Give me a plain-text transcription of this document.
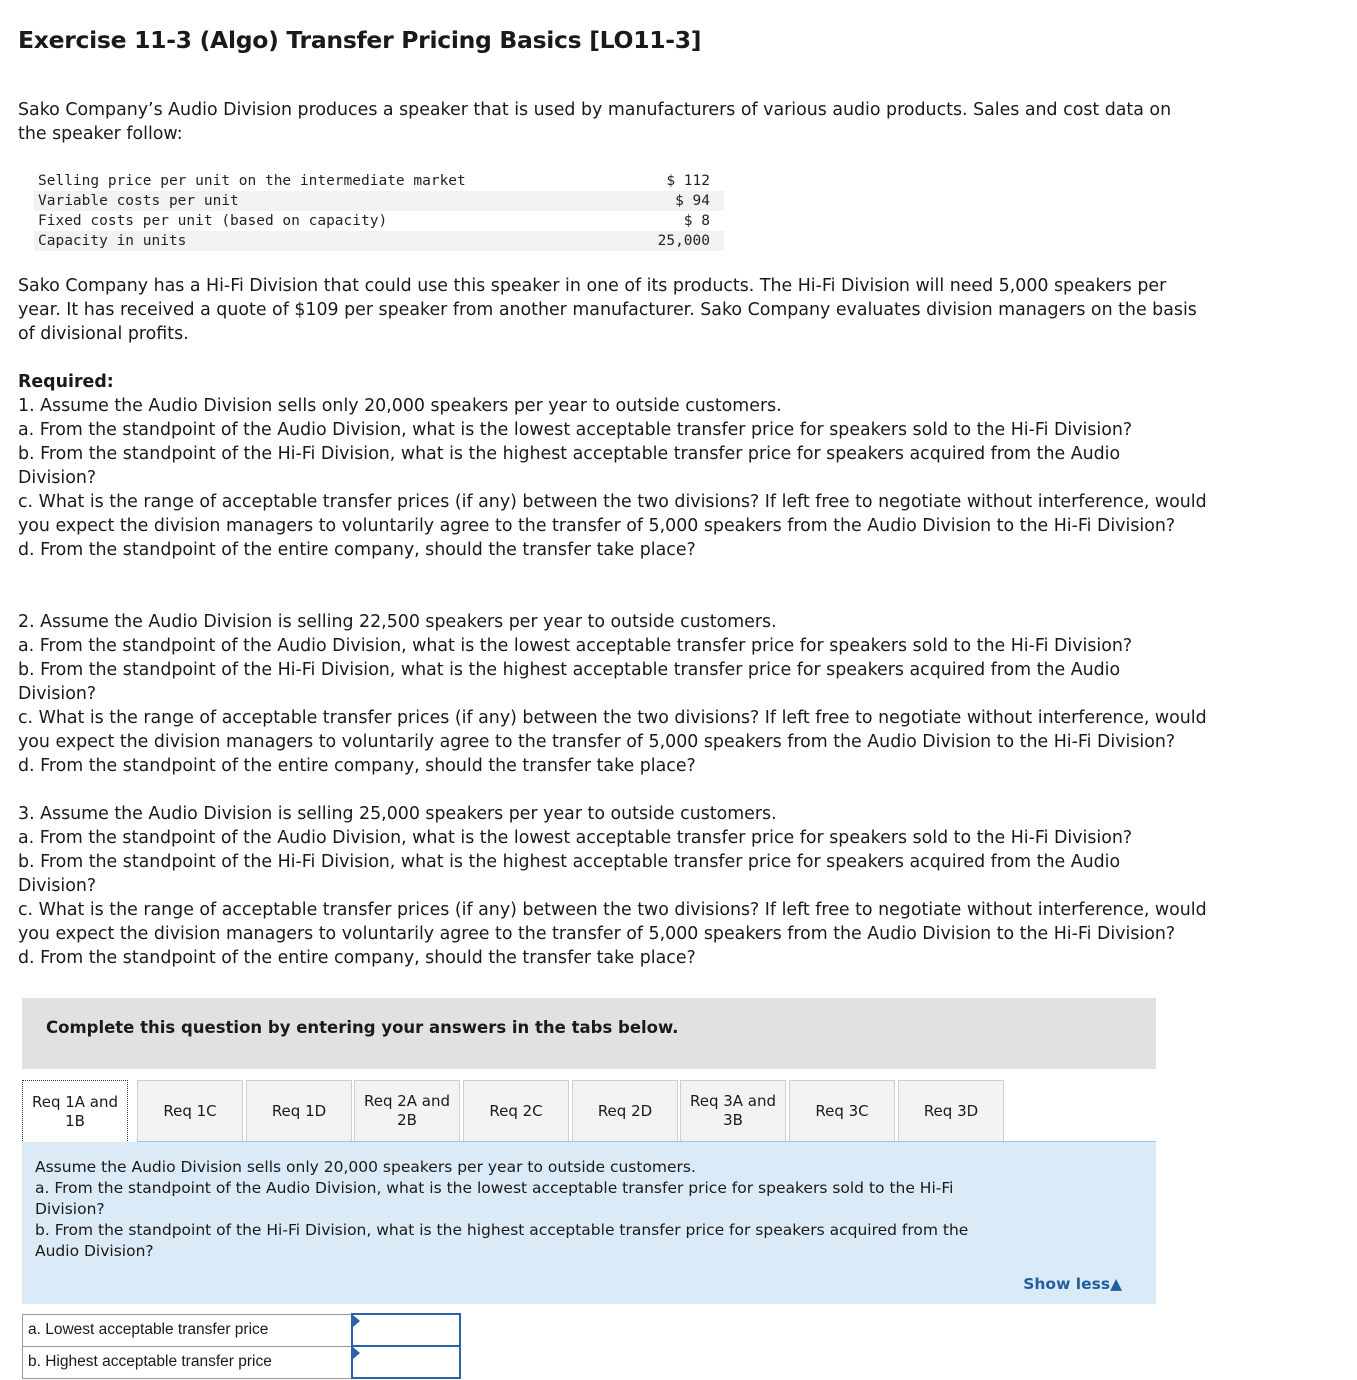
Exercise 11-3 (Algo) Transfer Pricing Basics [LO11-3]
Sako Company’s Audio Division produces a speaker that is used by manufacturers of various audio products. Sales and cost data on
the speaker follow:
Selling price per unit on the intermediate market	$ 112
Variable costs per unit	$ 94
Fixed costs per unit (based on capacity)	$ 8
Capacity in units	25,000
Sako Company has a Hi-Fi Division that could use this speaker in one of its products. The Hi-Fi Division will need 5,000 speakers per
year. It has received a quote of $109 per speaker from another manufacturer. Sako Company evaluates division managers on the basis
of divisional profits.
Required:
1. Assume the Audio Division sells only 20,000 speakers per year to outside customers.
a. From the standpoint of the Audio Division, what is the lowest acceptable transfer price for speakers sold to the Hi-Fi Division?
b. From the standpoint of the Hi-Fi Division, what is the highest acceptable transfer price for speakers acquired from the Audio
Division?
c. What is the range of acceptable transfer prices (if any) between the two divisions? If left free to negotiate without interference, would
you expect the division managers to voluntarily agree to the transfer of 5,000 speakers from the Audio Division to the Hi-Fi Division?
d. From the standpoint of the entire company, should the transfer take place?
2. Assume the Audio Division is selling 22,500 speakers per year to outside customers.
a. From the standpoint of the Audio Division, what is the lowest acceptable transfer price for speakers sold to the Hi-Fi Division?
b. From the standpoint of the Hi-Fi Division, what is the highest acceptable transfer price for speakers acquired from the Audio
Division?
c. What is the range of acceptable transfer prices (if any) between the two divisions? If left free to negotiate without interference, would
you expect the division managers to voluntarily agree to the transfer of 5,000 speakers from the Audio Division to the Hi-Fi Division?
d. From the standpoint of the entire company, should the transfer take place?
3. Assume the Audio Division is selling 25,000 speakers per year to outside customers.
a. From the standpoint of the Audio Division, what is the lowest acceptable transfer price for speakers sold to the Hi-Fi Division?
b. From the standpoint of the Hi-Fi Division, what is the highest acceptable transfer price for speakers acquired from the Audio
Division?
c. What is the range of acceptable transfer prices (if any) between the two divisions? If left free to negotiate without interference, would
you expect the division managers to voluntarily agree to the transfer of 5,000 speakers from the Audio Division to the Hi-Fi Division?
d. From the standpoint of the entire company, should the transfer take place?
Complete this question by entering your answers in the tabs below.
Req 1A and 1B
Req 1C	Req 1D
Req 2A and 2B
Req 2C	Req 2D
Req 3A and 3B
Req 3C	Req 3D
Assume the Audio Division sells only 20,000 speakers per year to outside customers.
a. From the standpoint of the Audio Division, what is the lowest acceptable transfer price for speakers sold to the Hi-Fi
Division?
b. From the standpoint of the Hi-Fi Division, what is the highest acceptable transfer price for speakers acquired from the
Audio Division?
Show less▲
a. Lowest acceptable transfer price	

b. Highest acceptable transfer price	
